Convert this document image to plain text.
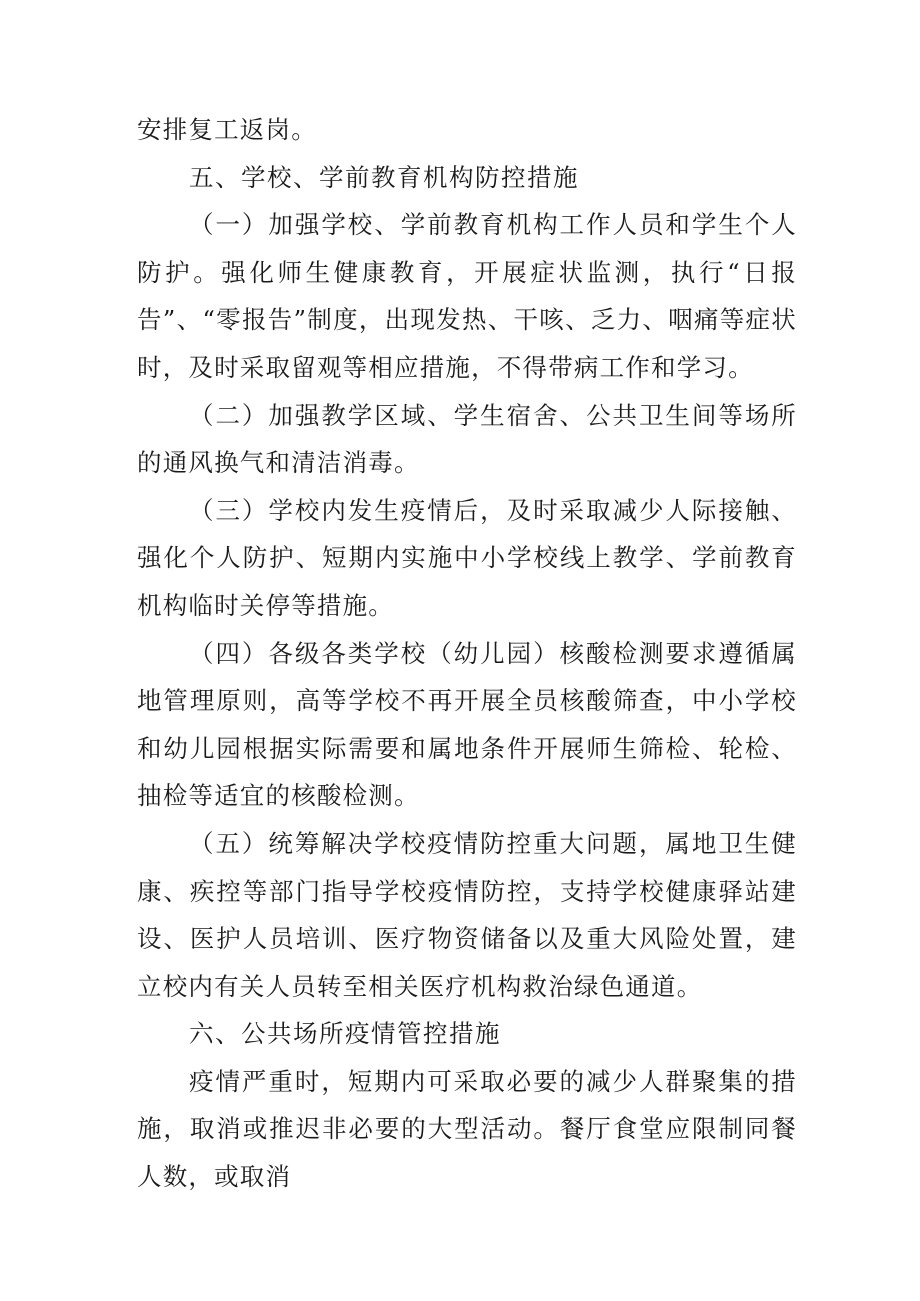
安排复工返岗。

五、学校、学前教育机构防控措施

（一）加强学校、学前教育机构工作人员和学生个人防护。强化师生健康教育，开展症状监测，执行“日报告”、“零报告”制度，出现发热、干咳、乏力、咽痛等症状时，及时采取留观等相应措施，不得带病工作和学习。

（二）加强教学区域、学生宿舍、公共卫生间等场所的通风换气和清洁消毒。

（三）学校内发生疫情后，及时采取减少人际接触、强化个人防护、短期内实施中小学校线上教学、学前教育机构临时关停等措施。

（四）各级各类学校（幼儿园）核酸检测要求遵循属地管理原则，高等学校不再开展全员核酸筛查，中小学校和幼儿园根据实际需要和属地条件开展师生筛检、轮检、抽检等适宜的核酸检测。

（五）统筹解决学校疫情防控重大问题，属地卫生健康、疾控等部门指导学校疫情防控，支持学校健康驿站建设、医护人员培训、医疗物资储备以及重大风险处置，建立校内有关人员转至相关医疗机构救治绿色通道。

六、公共场所疫情管控措施

疫情严重时，短期内可采取必要的减少人群聚集的措施，取消或推迟非必要的大型活动。餐厅食堂应限制同餐人数，或取消
